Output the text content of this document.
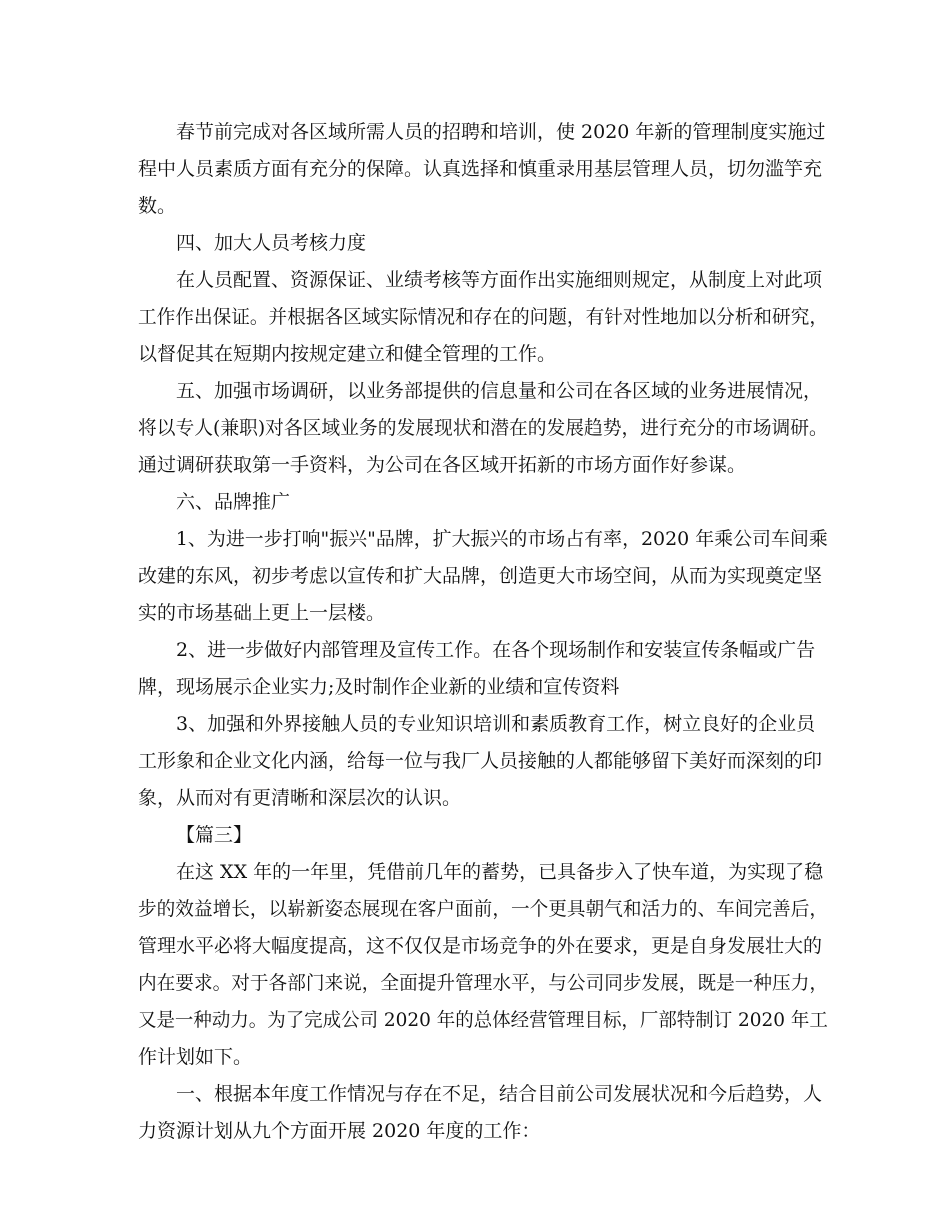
春节前完成对各区域所需人员的招聘和培训，使 2020 年新的管理制度实施过
程中人员素质方面有充分的保障。认真选择和慎重录用基层管理人员，切勿滥竽充
数。
四、加大人员考核力度
在人员配置、资源保证、业绩考核等方面作出实施细则规定，从制度上对此项
工作作出保证。并根据各区域实际情况和存在的问题，有针对性地加以分析和研究，
以督促其在短期内按规定建立和健全管理的工作。
五、加强市场调研，以业务部提供的信息量和公司在各区域的业务进展情况，
将以专人(兼职)对各区域业务的发展现状和潜在的发展趋势，进行充分的市场调研。
通过调研获取第一手资料，为公司在各区域开拓新的市场方面作好参谋。
六、品牌推广
1、为进一步打响"振兴"品牌，扩大振兴的市场占有率，2020 年乘公司车间乘
改建的东风，初步考虑以宣传和扩大品牌，创造更大市场空间，从而为实现奠定坚
实的市场基础上更上一层楼。
2、进一步做好内部管理及宣传工作。在各个现场制作和安装宣传条幅或广告
牌，现场展示企业实力;及时制作企业新的业绩和宣传资料
3、加强和外界接触人员的专业知识培训和素质教育工作，树立良好的企业员
工形象和企业文化内涵，给每一位与我厂人员接触的人都能够留下美好而深刻的印
象，从而对有更清晰和深层次的认识。
【篇三】
在这 XX 年的一年里，凭借前几年的蓄势，已具备步入了快车道，为实现了稳
步的效益增长，以崭新姿态展现在客户面前，一个更具朝气和活力的、车间完善后，
管理水平必将大幅度提高，这不仅仅是市场竞争的外在要求，更是自身发展壮大的
内在要求。对于各部门来说，全面提升管理水平，与公司同步发展，既是一种压力，
又是一种动力。为了完成公司 2020 年的总体经营管理目标，厂部特制订 2020 年工
作计划如下。
一、根据本年度工作情况与存在不足，结合目前公司发展状况和今后趋势，人
力资源计划从九个方面开展 2020 年度的工作：
